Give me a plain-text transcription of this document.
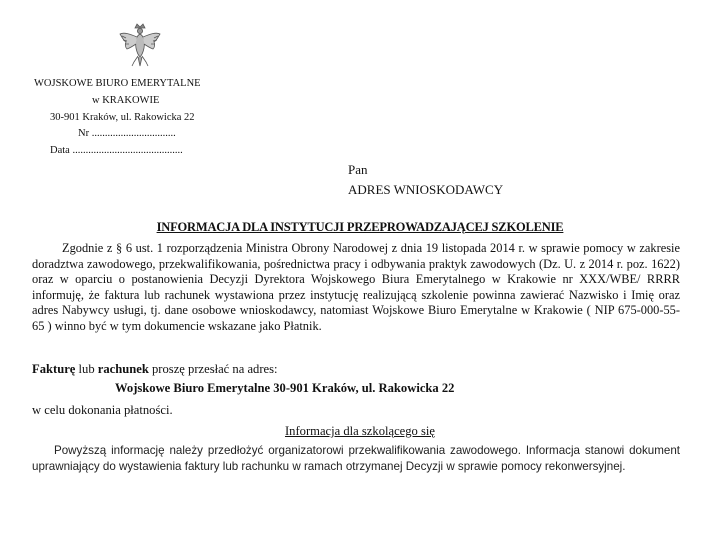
WOJSKOWE BIURO EMERYTALNE
w KRAKOWIE
30-901 Kraków, ul. Rakowicka 22
Nr ................................
Data ..........................................
Pan
ADRES WNIOSKODAWCY
INFORMACJA DLA INSTYTUCJI PRZEPROWADZAJĄCEJ SZKOLENIE

Zgodnie z § 6 ust. 1 rozporządzenia Ministra Obrony Narodowej z dnia 19 listopada 2014 r. w sprawie pomocy w zakresie doradztwa zawodowego, przekwalifikowania, pośrednictwa pracy i odbywania praktyk zawodowych (Dz. U. z 2014 r. poz. 1622) oraz w oparciu o postanowienia Decyzji Dyrektora Wojskowego Biura Emerytalnego w Krakowie nr XXX/WBE/ RRRR informuję, że faktura lub rachunek wystawiona przez instytucję realizującą szkolenie powinna zawierać Nazwisko i Imię oraz adres Nabywcy usługi, tj. dane osobowe wnioskodawcy, natomiast Wojskowe Biuro Emerytalne w Krakowie ( NIP 675-000-55-65 ) winno być w tym dokumencie wskazane jako Płatnik.

Fakturę lub rachunek proszę przesłać na adres:
Wojskowe Biuro Emerytalne 30-901 Kraków, ul. Rakowicka 22
w celu dokonania płatności.
Informacja dla szkolącego się

Powyższą informację należy przedłożyć organizatorowi przekwalifikowania zawodowego. Informacja stanowi dokument uprawniający do wystawienia faktury lub rachunku w ramach otrzymanej Decyzji w sprawie pomocy rekonwersyjnej.
